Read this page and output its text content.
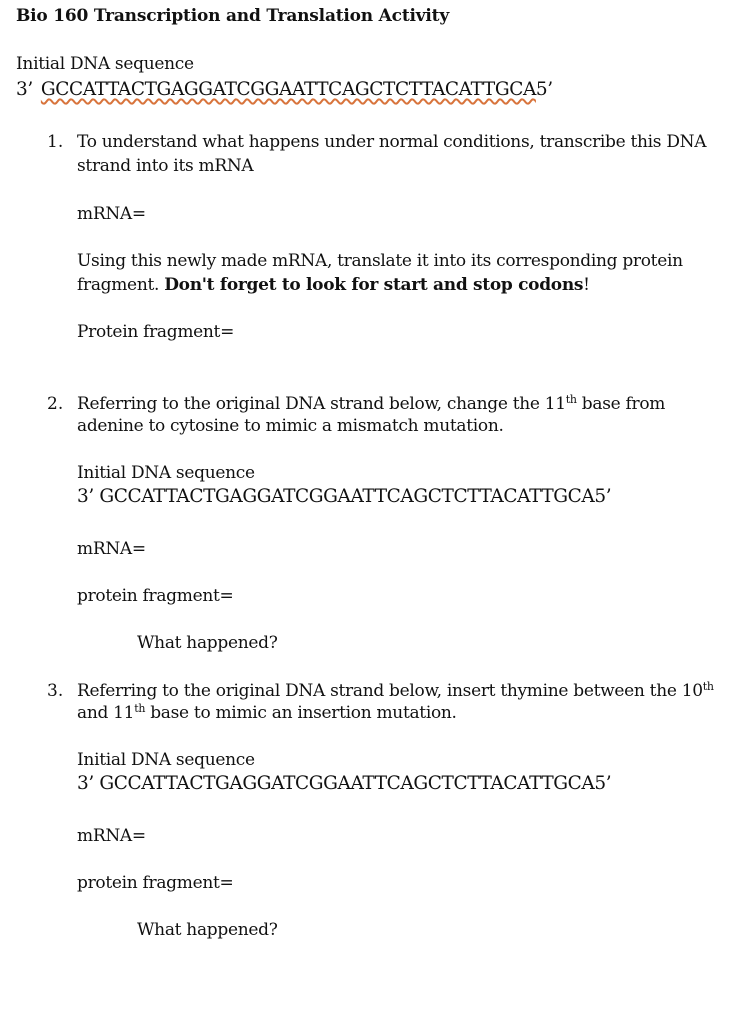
Bio 160 Transcription and Translation Activity
Initial DNA sequence
3’ GCCATTACTGAGGATCGGAATTCAGCTCTTACATTGCA5’
1. To understand what happens under normal conditions, transcribe this DNA
strand into its mRNA
mRNA=
Using this newly made mRNA, translate it into its corresponding protein
fragment. Don't forget to look for start and stop codons!
Protein fragment=
2. Referring to the original DNA strand below, change the 11th base from
adenine to cytosine to mimic a mismatch mutation.
Initial DNA sequence
3’ GCCATTACTGAGGATCGGAATTCAGCTCTTACATTGCA5’
mRNA=
protein fragment=
What happened?
3. Referring to the original DNA strand below, insert thymine between the 10th
and 11th base to mimic an insertion mutation.
Initial DNA sequence
3’ GCCATTACTGAGGATCGGAATTCAGCTCTTACATTGCA5’
mRNA=
protein fragment=
What happened?
